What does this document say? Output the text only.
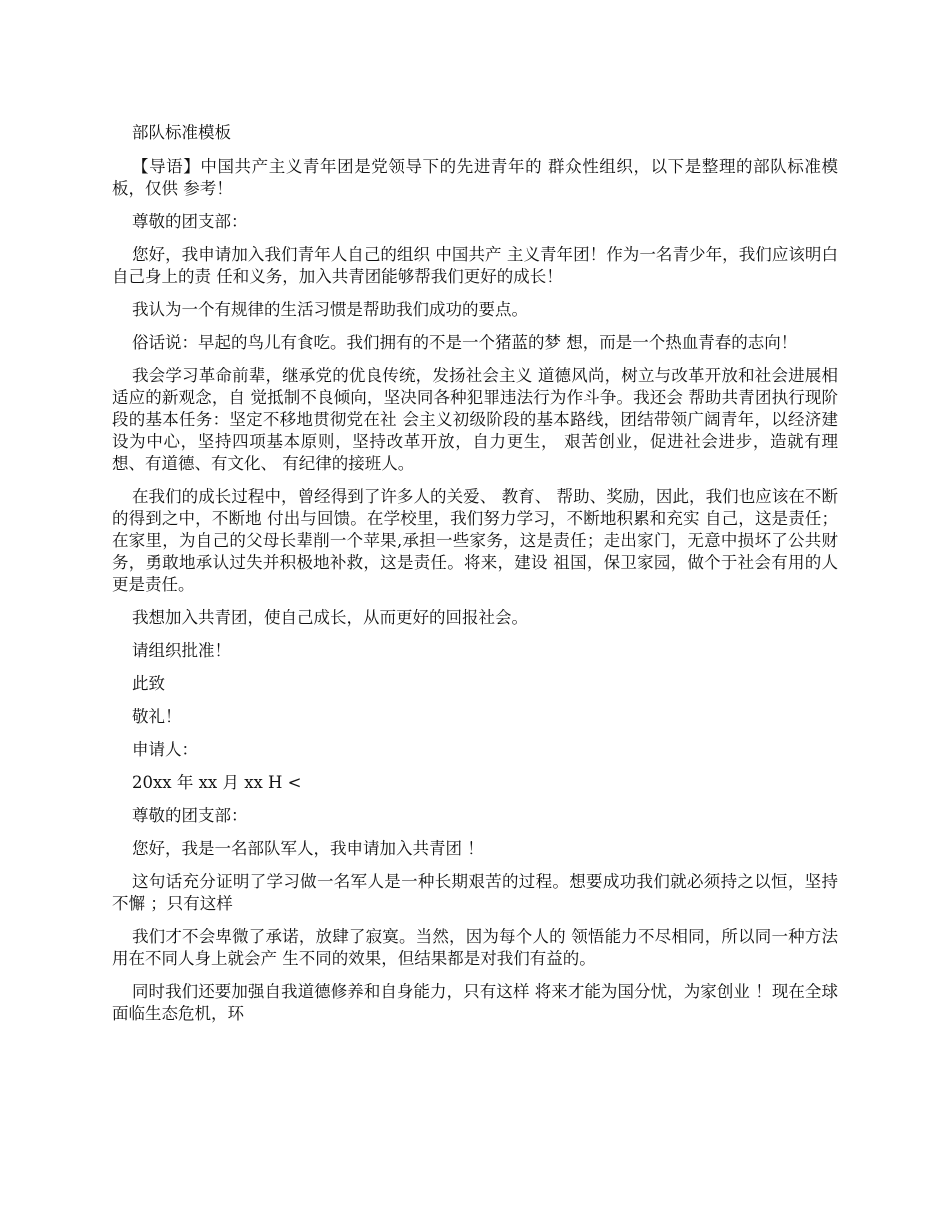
部队标准模板

【导语】中国共产主义青年团是党领导下的先进青年的 群众性组织，以下是整理的部队标准模板，仅供 参考！

尊敬的团支部：

您好，我申请加入我们青年人自己的组织 中国共产 主义青年团！作为一名青少年，我们应该明白自己身上的责 任和义务，加入共青团能够帮我们更好的成长！

我认为一个有规律的生活习惯是帮助我们成功的要点。

俗话说：早起的鸟儿有食吃。我们拥有的不是一个猪蓝的梦 想，而是一个热血青春的志向！

我会学习革命前辈，继承党的优良传统，发扬社会主义 道德风尚，树立与改革开放和社会进展相适应的新观念，自 觉抵制不良倾向，坚决同各种犯罪违法行为作斗争。我还会 帮助共青团执行现阶段的基本任务：坚定不移地贯彻党在社 会主义初级阶段的基本路线，团结带领广阔青年，以经济建 设为中心，坚持四项基本原则，坚持改革开放，自力更生， 艰苦创业，促进社会进步，造就有理想、有道德、有文化、 有纪律的接班人。

在我们的成长过程中，曾经得到了许多人的关爱、 教育、 帮助、奖励，因此，我们也应该在不断的得到之中，不断地 付出与回馈。在学校里，我们努力学习，不断地积累和充实 自己，这是责任；在家里，为自己的父母长辈削一个苹果,承担一些家务，这是责任；走出家门，无意中损坏了公共财 务，勇敢地承认过失并积极地补救，这是责任。将来，建设 祖国，保卫家园，做个于社会有用的人更是责任。

我想加入共青团，使自己成长，从而更好的回报社会。

请组织批准！

此致

敬礼！

申请人：

20xx 年 xx 月 xx H <

尊敬的团支部：

您好，我是一名部队军人，我申请加入共青团 ！

这句话充分证明了学习做一名军人是一种长期艰苦的过程。想要成功我们就必须持之以恒，坚持不懈 ；只有这样

我们才不会卑微了承诺，放肆了寂寞。当然，因为每个人的 领悟能力不尽相同，所以同一种方法用在不同人身上就会产 生不同的效果，但结果都是对我们有益的。

同时我们还要加强自我道德修养和自身能力，只有这样 将来才能为国分忧，为家创业 ！现在全球面临生态危机，环
